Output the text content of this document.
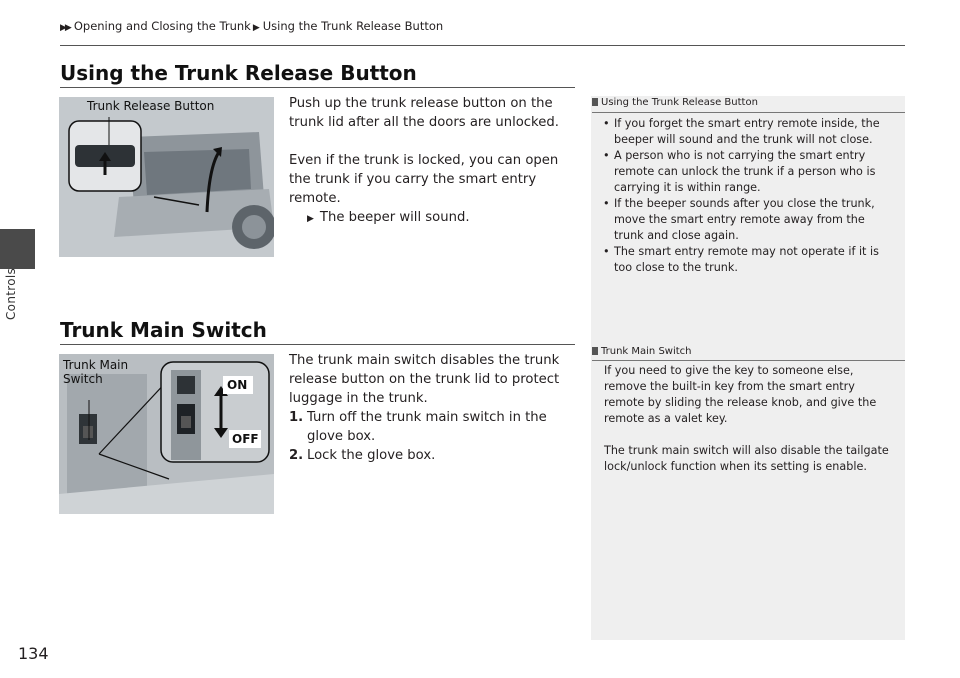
Controls
▶▶ Opening and Closing the Trunk ▶ Using the Trunk Release Button
Using the Trunk Release Button
Trunk Release Button	Push up the trunk release button on the trunk lid after all the doors are unlocked.

Even if the trunk is locked, you can open the trunk if you carry the smart entry remote.

▶ The beeper will sound.

Using the Trunk Release Button

• If you forget the smart entry remote inside, the beeper will sound and the trunk will not close.

• A person who is not carrying the smart entry remote can unlock the trunk if a person who is carrying it is within range.

• If the beeper sounds after you close the trunk, move the smart entry remote away from the trunk and close again.

• The smart entry remote may not operate if it is too close to the trunk.

Trunk Main Switch
Trunk Main
Switch	ON
OFF

The trunk main switch disables the trunk release button on the trunk lid to protect luggage in the trunk.

1. Turn off the trunk main switch in the glove box.

2. Lock the glove box.

Trunk Main Switch

If you need to give the key to someone else, remove the built-in key from the smart entry remote by sliding the release knob, and give the remote as a valet key.

The trunk main switch will also disable the tailgate lock/unlock function when its setting is enable.

134
